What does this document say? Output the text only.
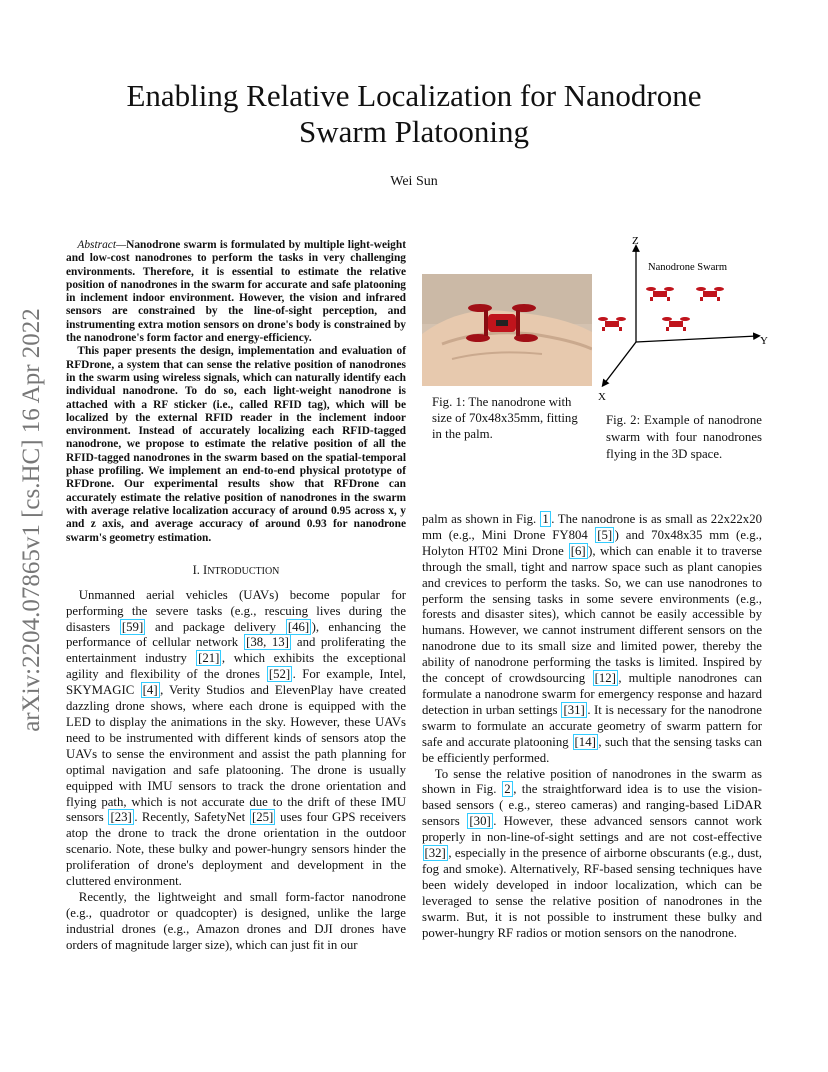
arXiv:2204.07865v1 [cs.HC] 16 Apr 2022
Enabling Relative Localization for Nanodrone Swarm Platooning
Wei Sun

Abstract—Nanodrone swarm is formulated by multiple light-weight and low-cost nanodrones to perform the tasks in very challenging environments. Therefore, it is essential to estimate the relative position of nanodrones in the swarm for accurate and safe platooning in inclement indoor environment. However, the vision and infrared sensors are constrained by the line-of-sight perception, and instrumenting extra motion sensors on drone's body is constrained by the nanodrone's form factor and energy-efficiency.

This paper presents the design, implementation and evaluation of RFDrone, a system that can sense the relative position of nanodrones in the swarm using wireless signals, which can naturally identify each individual nanodrone. To do so, each light-weight nanodrone is attached with a RF sticker (i.e., called RFID tag), which will be localized by the external RFID reader in the inclement indoor environment. Instead of accurately localizing each RFID-tagged nanodrone, we propose to estimate the relative position of all the RFID-tagged nanodrones in the swarm based on the spatial-temporal phase profiling. We implement an end-to-end physical prototype of RFDrone. Our experimental results show that RFDrone can accurately estimate the relative position of nanodrones in the swarm with average relative localization accuracy of around 0.95 across x, y and z axis, and average accuracy of around 0.93 for nanodrone swarm's geometry estimation.

I. INTRODUCTION

Unmanned aerial vehicles (UAVs) become popular for performing the severe tasks (e.g., rescuing lives during the disasters [59] and package delivery [46] ), enhancing the performance of cellular network [38, 13] and proliferating the entertainment industry [21] , which exhibits the exceptional agility and flexibility of the drones [52] . For example, Intel, SKYMAGIC [4] , Verity Studios and ElevenPlay have created dazzling drone shows, where each drone is equipped with the LED to display the animations in the sky. However, these UAVs need to be instrumented with different kinds of sensors atop the UAVs to sense the environment and assist the path planning for optimal navigation and safe platooning. The drone is usually equipped with IMU sensors to track the drone orientation and flying path, which is not accurate due to the drift of these IMU sensors [23] . Recently, SafetyNet [25] uses four GPS receivers atop the drone to track the drone orientation in the outdoor scenario. Note, these bulky and power-hungry sensors hinder the proliferation of drone's deployment and development in the cluttered environment.

Recently, the lightweight and small form-factor nanodrone (e.g., quadrotor or quadcopter) is designed, unlike the large industrial drones (e.g., Amazon drones and DJI drones have orders of magnitude larger size), which can just fit in our

Fig. 1: The nanodrone with size of 70x48x35mm, fitting in the palm.
Z
Y
X
Nanodrone Swarm
Fig. 2: Example of nanodrone swarm with four nanodrones flying in the 3D space.

palm as shown in Fig. 1 . The nanodrone is as small as 22x22x20 mm (e.g., Mini Drone FY804 [5] ) and 70x48x35 mm (e.g., Holyton HT02 Mini Drone [6] ), which can enable it to traverse through the small, tight and narrow space such as plant canopies and crevices to perform the tasks. So, we can use nanodrones to perform the sensing tasks in some severe environments (e.g., forests and disaster sites), which cannot be easily accessible by humans. However, we cannot instrument different sensors on the nanodrone due to its small size and limited power, thereby the ability of nanodrone performing the tasks is limited. Inspired by the concept of crowdsourcing [12] , multiple nanodrones can formulate a nanodrone swarm for emergency response and hazard detection in urban settings [31] . It is necessary for the nanodrone swarm to formulate an accurate geometry of swarm pattern for safe and accurate platooning [14] , such that the sensing tasks can be efficiently performed.

To sense the relative position of nanodrones in the swarm as shown in Fig. 2 , the straightforward idea is to use the vision-based sensors ( e.g., stereo cameras) and ranging-based LiDAR sensors [30] . However, these advanced sensors cannot work properly in non-line-of-sight settings and are not cost-effective [32] , especially in the presence of airborne obscurants (e.g., dust, fog and smoke). Alternatively, RF-based sensing techniques have been widely developed in indoor localization, which can be leveraged to sense the relative position of nanodrones in the swarm. But, it is not possible to instrument these bulky and power-hungry RF radios or motion sensors on the nanodrone.
